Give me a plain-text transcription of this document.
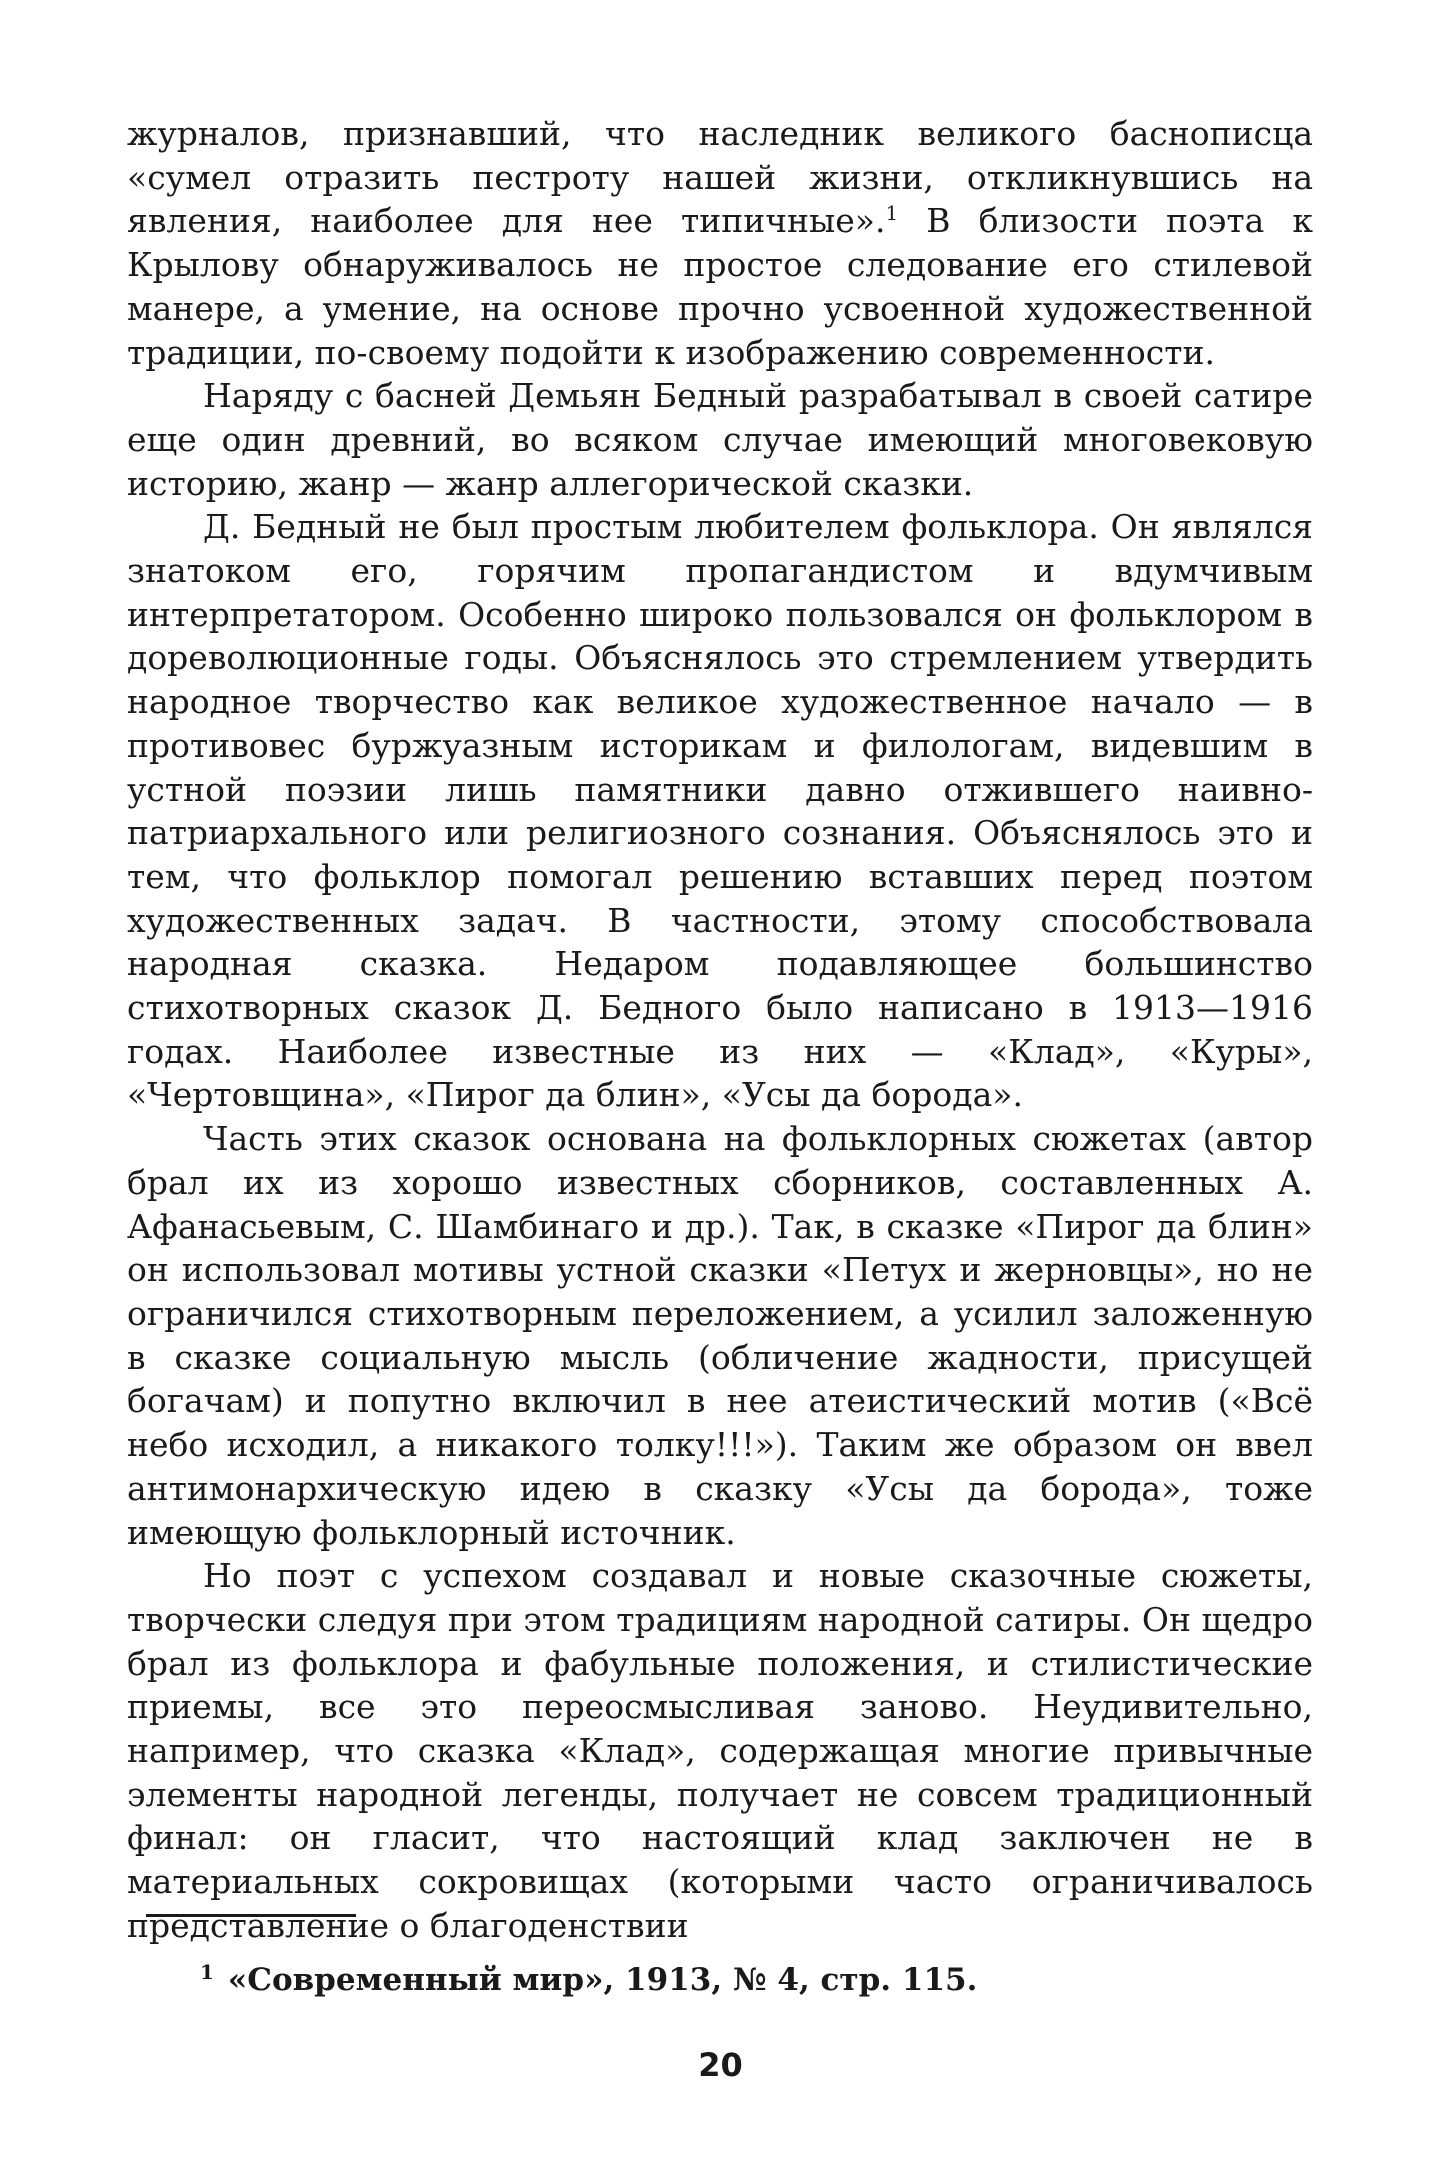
журналов, признавший, что наследник великого баснописца «сумел отразить пестроту нашей жизни, откликнувшись на явления, наиболее для нее типичные».$^1$ В близости поэта к Крылову обнаруживалось не простое следование его стилевой манере, а умение, на основе прочно усвоенной художественной традиции, по-своему подойти к изображению современности.

Наряду с басней Демьян Бедный разрабатывал в своей сатире еще один древний, во всяком случае имеющий многовековую историю, жанр — жанр аллегорической сказки.

Д. Бедный не был простым любителем фольклора. Он являлся знатоком его, горячим пропагандистом и вдумчивым интерпретатором. Особенно широко пользовался он фольклором в дореволюционные годы. Объяснялось это стремлением утвердить народное творчество как великое художественное начало — в противовес буржуазным историкам и филологам, видевшим в устной поэзии лишь памятники давно отжившего наивно-патриархального или религиозного сознания. Объяснялось это и тем, что фольклор помогал решению вставших перед поэтом художественных задач. В частности, этому способствовала народная сказка. Недаром подавляющее большинство стихотворных сказок Д. Бедного было написано в 1913—1916 годах. Наиболее известные из них — «Клад», «Куры», «Чертовщина», «Пирог да блин», «Усы да борода».

Часть этих сказок основана на фольклорных сюжетах (автор брал их из хорошо известных сборников, составленных А. Афанасьевым, С. Шамбинаго и др.). Так, в сказке «Пирог да блин» он использовал мотивы устной сказки «Петух и жерновцы», но не ограничился стихотворным переложением, а усилил заложенную в сказке социальную мысль (обличение жадности, присущей богачам) и попутно включил в нее атеистический мотив («Всё небо исходил, а никакого толку!!!»). Таким же образом он ввел антимонархическую идею в сказку «Усы да борода», тоже имеющую фольклорный источник.

Но поэт с успехом создавал и новые сказочные сюжеты, творчески следуя при этом традициям народной сатиры. Он щедро брал из фольклора и фабульные положения, и стилистические приемы, все это переосмысливая заново. Неудивительно, например, что сказка «Клад», содержащая многие привычные элементы народной легенды, получает не совсем традиционный финал: он гласит, что настоящий клад заключен не в материальных сокровищах (которыми часто ограничивалось представление о благоденствии

$^1$ «Современный мир», 1913, № 4, стр. 115.
20
